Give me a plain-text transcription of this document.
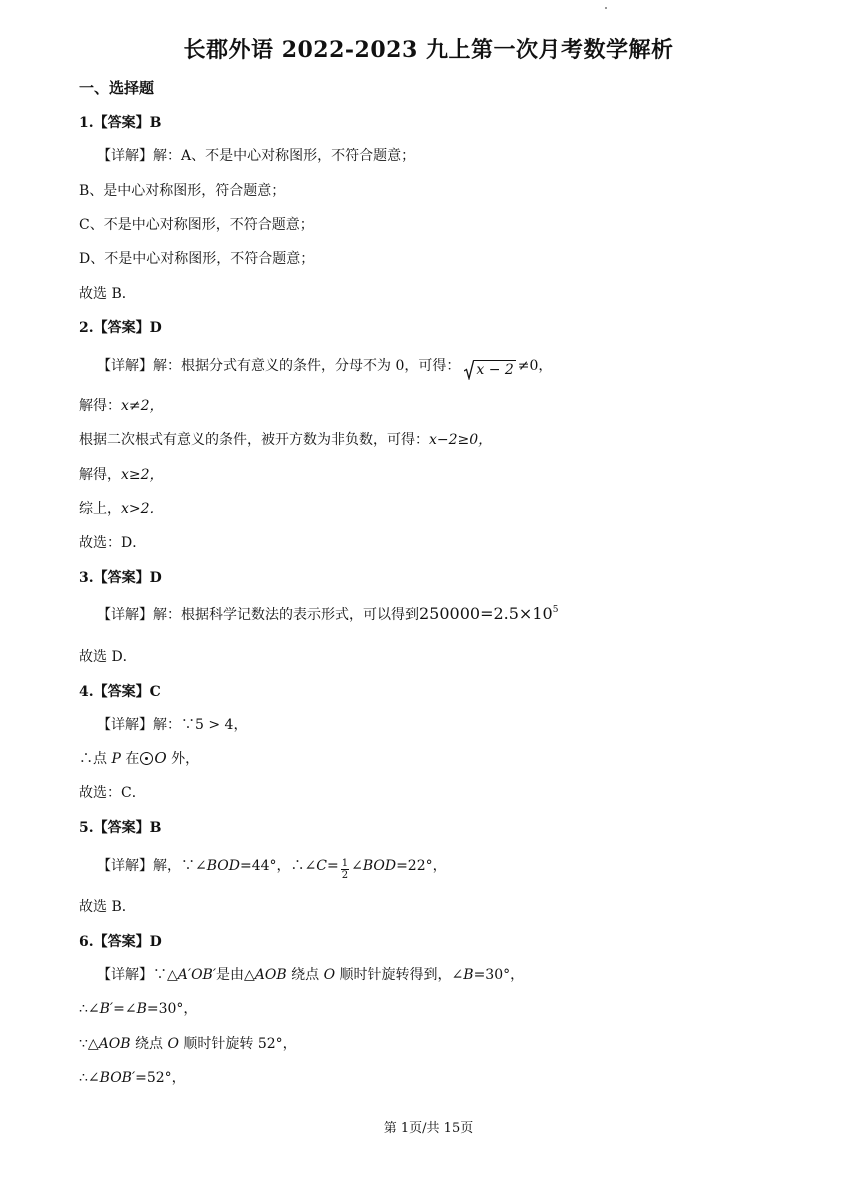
长郡外语 2022-2023 九上第一次月考数学解析
一、选择题
1.【答案】B
【详解】解：A、不是中心对称图形，不符合题意；
B、是中心对称图形，符合题意；
C、不是中心对称图形，不符合题意；
D、不是中心对称图形，不符合题意；
故选 B．
2.【答案】D
【详解】解：根据分式有意义的条件，分母不为 0，可得： x − 2 ≠0，
解得：x≠2，
根据二次根式有意义的条件，被开方数为非负数，可得：x−2≥0，
解得，x≥2，
综上，x>2．
故选：D．
3.【答案】D
【详解】解：根据科学记数法的表示形式，可以得到$250000=2.5\times 10^5$
故选 D．
4.【答案】C
【详解】解：∵5 > 4，
∴点 P 在 O 外，
故选：C．
5.【答案】B
【详解】解，∵∠BOD=44°，∴∠C= $\frac{1}{2}$ ∠BOD=22°，
故选 B．
6.【答案】D
【详解】∵△A′OB′是由△AOB 绕点 O 顺时针旋转得到，∠B=30°，
∴∠B′=∠B=30°，
∵△AOB 绕点 O 顺时针旋转 52°，
∴∠BOB′=52°，
第 1页/共 15页
